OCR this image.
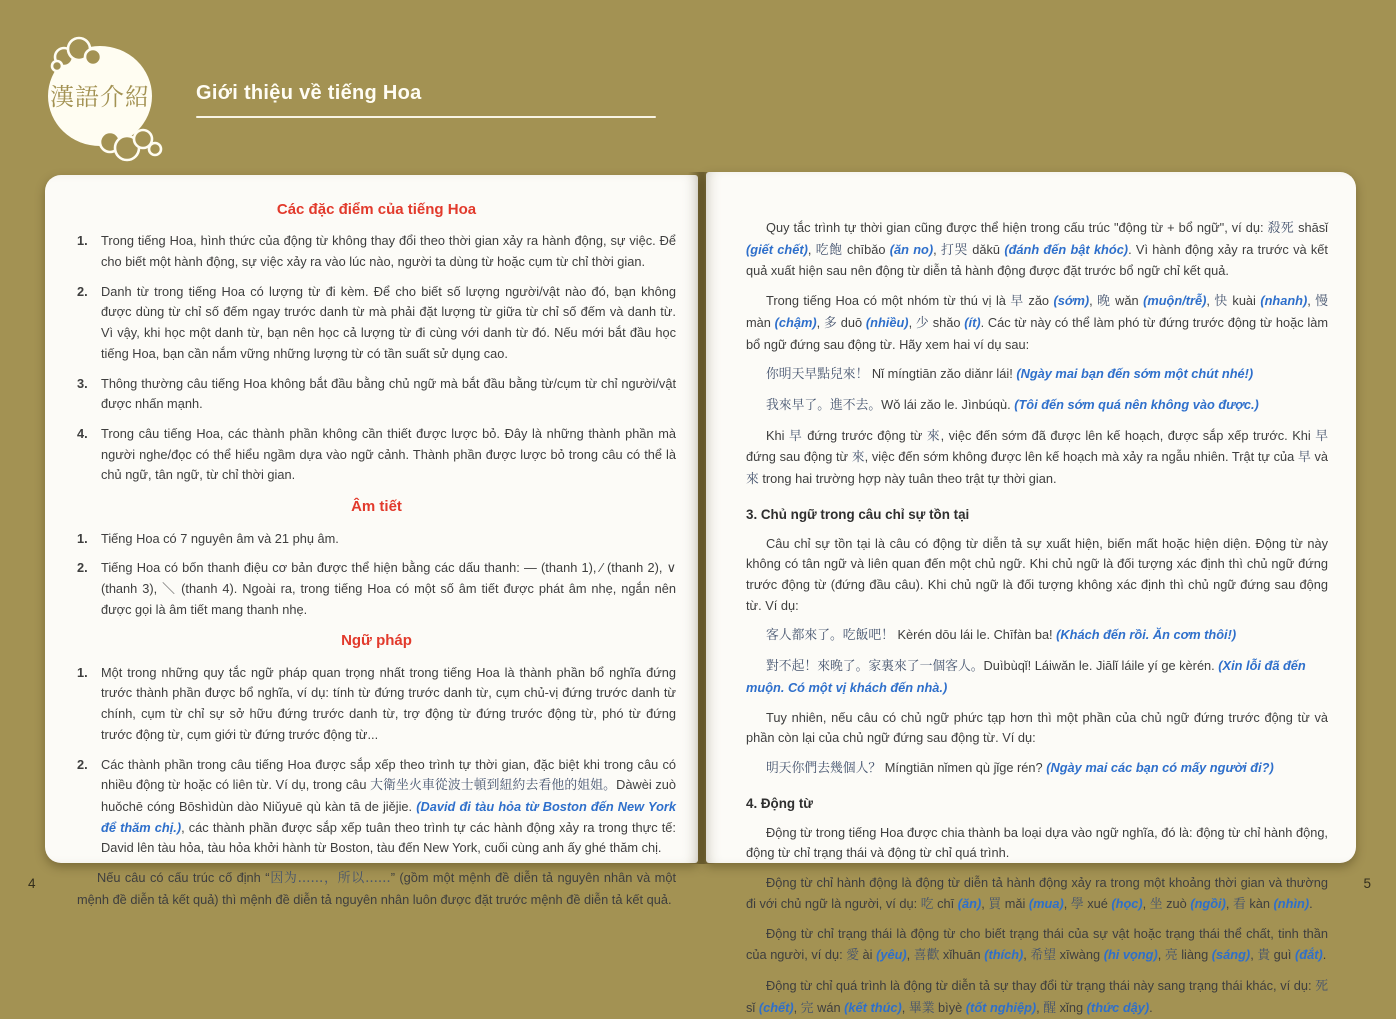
漢語介紹 Giới thiệu về tiếng Hoa
Các đặc điểm của tiếng Hoa
1.	Trong tiếng Hoa, hình thức của động từ không thay đổi theo thời gian xảy ra hành động, sự việc. Để cho biết một hành động, sự việc xảy ra vào lúc nào, người ta dùng từ hoặc cụm từ chỉ thời gian.
2.	Danh từ trong tiếng Hoa có lượng từ đi kèm. Để cho biết số lượng người/vật nào đó, bạn không được dùng từ chỉ số đếm ngay trước danh từ mà phải đặt lượng từ giữa từ chỉ số đếm và danh từ. Vì vậy, khi học một danh từ, bạn nên học cả lượng từ đi cùng với danh từ đó. Nếu mới bắt đầu học tiếng Hoa, bạn cần nắm vững những lượng từ có tần suất sử dụng cao.
3.	Thông thường câu tiếng Hoa không bắt đầu bằng chủ ngữ mà bắt đầu bằng từ/cụm từ chỉ người/vật được nhấn mạnh.
4.	Trong câu tiếng Hoa, các thành phần không cần thiết được lược bỏ. Đây là những thành phần mà người nghe/đọc có thể hiểu ngầm dựa vào ngữ cảnh. Thành phần được lược bỏ trong câu có thể là chủ ngữ, tân ngữ, từ chỉ thời gian.
Âm tiết
1.	Tiếng Hoa có 7 nguyên âm và 21 phụ âm.
2.	Tiếng Hoa có bốn thanh điệu cơ bản được thể hiện bằng các dấu thanh: — (thanh 1), ⁄ (thanh 2), ∨ (thanh 3), ＼ (thanh 4). Ngoài ra, trong tiếng Hoa có một số âm tiết được phát âm nhẹ, ngắn nên được gọi là âm tiết mang thanh nhẹ.
Ngữ pháp
1.	Một trong những quy tắc ngữ pháp quan trọng nhất trong tiếng Hoa là thành phần bổ nghĩa đứng trước thành phần được bổ nghĩa, ví dụ: tính từ đứng trước danh từ, cụm chủ-vị đứng trước danh từ chính, cụm từ chỉ sự sở hữu đứng trước danh từ, trợ động từ đứng trước động từ, phó từ đứng trước động từ, cụm giới từ đứng trước động từ...
2.	Các thành phần trong câu tiếng Hoa được sắp xếp theo trình tự thời gian, đặc biệt khi trong câu có nhiều động từ hoặc có liên từ. Ví dụ, trong câu 大衛坐火車從波士頓到紐約去看他的姐姐。Dàwèi zuò huǒchē cóng Bōshìdùn dào Niǔyuē qù kàn tā de jiějie. (David đi tàu hỏa từ Boston đến New York để thăm chị.), các thành phần được sắp xếp tuân theo trình tự các hành động xảy ra trong thực tế: David lên tàu hỏa, tàu hỏa khởi hành từ Boston, tàu đến New York, cuối cùng anh ấy ghé thăm chị.

Nếu câu có cấu trúc cố định “因为……，所以……” (gồm một mệnh đề diễn tả nguyên nhân và một mệnh đề diễn tả kết quả) thì mệnh đề diễn tả nguyên nhân luôn được đặt trước mệnh đề diễn tả kết quả.

Quy tắc trình tự thời gian cũng được thể hiện trong cấu trúc "động từ + bổ ngữ", ví dụ: 殺死 shāsǐ (giết chết), 吃飽 chībǎo (ăn no), 打哭 dǎkū (đánh đến bật khóc). Vì hành động xảy ra trước và kết quả xuất hiện sau nên động từ diễn tả hành động được đặt trước bổ ngữ chỉ kết quả.

Trong tiếng Hoa có một nhóm từ thú vị là 早 zǎo (sớm), 晚 wǎn (muộn/trễ), 快 kuài (nhanh), 慢 màn (chậm), 多 duō (nhiều), 少 shǎo (ít). Các từ này có thể làm phó từ đứng trước động từ hoặc làm bổ ngữ đứng sau động từ. Hãy xem hai ví dụ sau:

你明天早點兒來！ Nǐ míngtiān zǎo diǎnr lái! (Ngày mai bạn đến sớm một chút nhé!)

我來早了。進不去。Wǒ lái zǎo le. Jìnbúqù. (Tôi đến sớm quá nên không vào được.)

Khi 早 đứng trước động từ 來, việc đến sớm đã được lên kế hoạch, được sắp xếp trước. Khi 早 đứng sau động từ 來, việc đến sớm không được lên kế hoạch mà xảy ra ngẫu nhiên. Trật tự của 早 và 來 trong hai trường hợp này tuân theo trật tự thời gian.

3. Chủ ngữ trong câu chỉ sự tồn tại

Câu chỉ sự tồn tại là câu có động từ diễn tả sự xuất hiện, biến mất hoặc hiện diện. Động từ này không có tân ngữ và liên quan đến một chủ ngữ. Khi chủ ngữ là đối tượng xác định thì chủ ngữ đứng trước động từ (đứng đầu câu). Khi chủ ngữ là đối tượng không xác định thì chủ ngữ đứng sau động từ. Ví dụ:

客人都來了。吃飯吧！ Kèrén dōu lái le. Chīfàn ba! (Khách đến rồi. Ăn cơm thôi!)

對不起！來晚了。家裏來了一個客人。Duìbùqǐ! Láiwǎn le. Jiālǐ láile yí ge kèrén. (Xin lỗi đã đến muộn. Có một vị khách đến nhà.)

Tuy nhiên, nếu câu có chủ ngữ phức tạp hơn thì một phần của chủ ngữ đứng trước động từ và phần còn lại của chủ ngữ đứng sau động từ. Ví dụ:

明天你們去幾個人？ Míngtiān nǐmen qù jǐge rén? (Ngày mai các bạn có mấy người đi?)

4. Động từ

Động từ trong tiếng Hoa được chia thành ba loại dựa vào ngữ nghĩa, đó là: động từ chỉ hành động, động từ chỉ trạng thái và động từ chỉ quá trình.

Động từ chỉ hành động là động từ diễn tả hành động xảy ra trong một khoảng thời gian và thường đi với chủ ngữ là người, ví dụ: 吃 chī (ăn), 買 mǎi (mua), 學 xué (học), 坐 zuò (ngồi), 看 kàn (nhìn).

Động từ chỉ trạng thái là động từ cho biết trạng thái của sự vật hoặc trạng thái thể chất, tinh thần của người, ví dụ: 愛 ài (yêu), 喜歡 xǐhuān (thích), 希望 xīwàng (hi vọng), 亮 liàng (sáng), 貴 guì (đắt).

Động từ chỉ quá trình là động từ diễn tả sự thay đổi từ trạng thái này sang trạng thái khác, ví dụ: 死 sǐ (chết), 完 wán (kết thúc), 畢業 bìyè (tốt nghiệp), 醒 xǐng (thức dậy).

4	5
